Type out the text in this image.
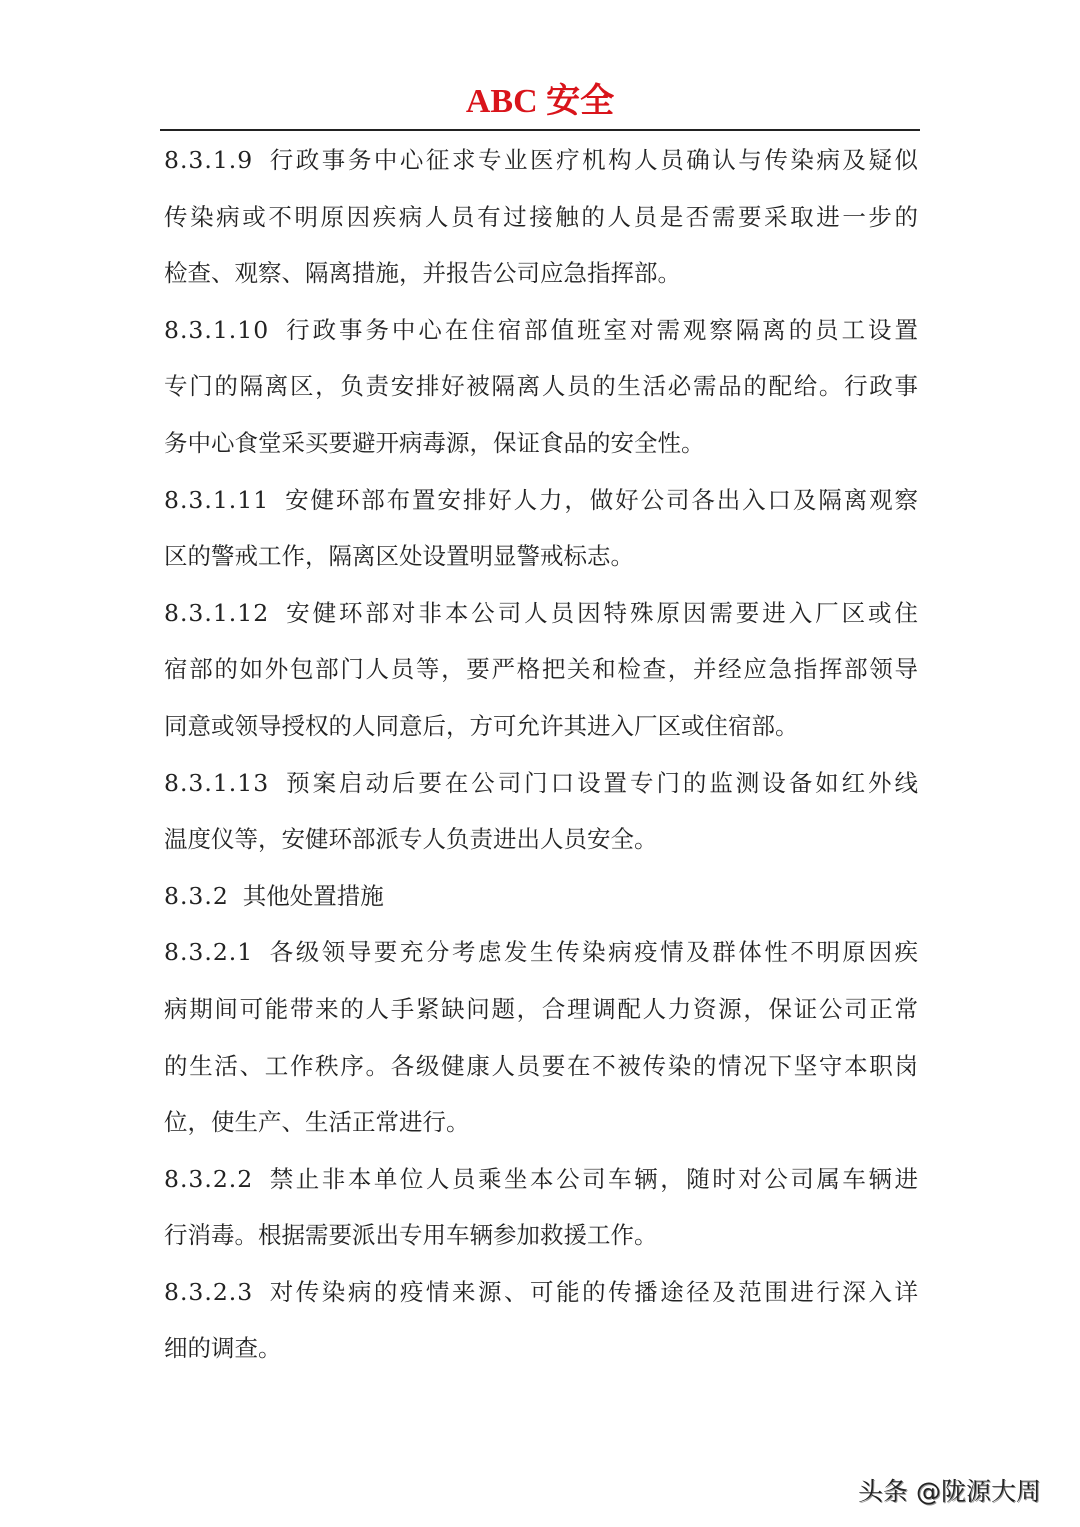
ABC 安全
8.3.1.9 行政事务中心征求专业医疗机构人员确认与传染病及疑似
传染病或不明原因疾病人员有过接触的人员是否需要采取进一步的
检查、观察、隔离措施，并报告公司应急指挥部。
8.3.1.10 行政事务中心在住宿部值班室对需观察隔离的员工设置
专门的隔离区，负责安排好被隔离人员的生活必需品的配给。行政事
务中心食堂采买要避开病毒源，保证食品的安全性。
8.3.1.11 安健环部布置安排好人力，做好公司各出入口及隔离观察
区的警戒工作，隔离区处设置明显警戒标志。
8.3.1.12 安健环部对非本公司人员因特殊原因需要进入厂区或住
宿部的如外包部门人员等，要严格把关和检查，并经应急指挥部领导
同意或领导授权的人同意后，方可允许其进入厂区或住宿部。
8.3.1.13 预案启动后要在公司门口设置专门的监测设备如红外线
温度仪等，安健环部派专人负责进出人员安全。
8.3.2 其他处置措施
8.3.2.1 各级领导要充分考虑发生传染病疫情及群体性不明原因疾
病期间可能带来的人手紧缺问题，合理调配人力资源，保证公司正常
的生活、工作秩序。各级健康人员要在不被传染的情况下坚守本职岗
位，使生产、生活正常进行。
8.3.2.2 禁止非本单位人员乘坐本公司车辆，随时对公司属车辆进
行消毒。根据需要派出专用车辆参加救援工作。
8.3.2.3 对传染病的疫情来源、可能的传播途径及范围进行深入详
细的调查。
头条 @陇源大周
